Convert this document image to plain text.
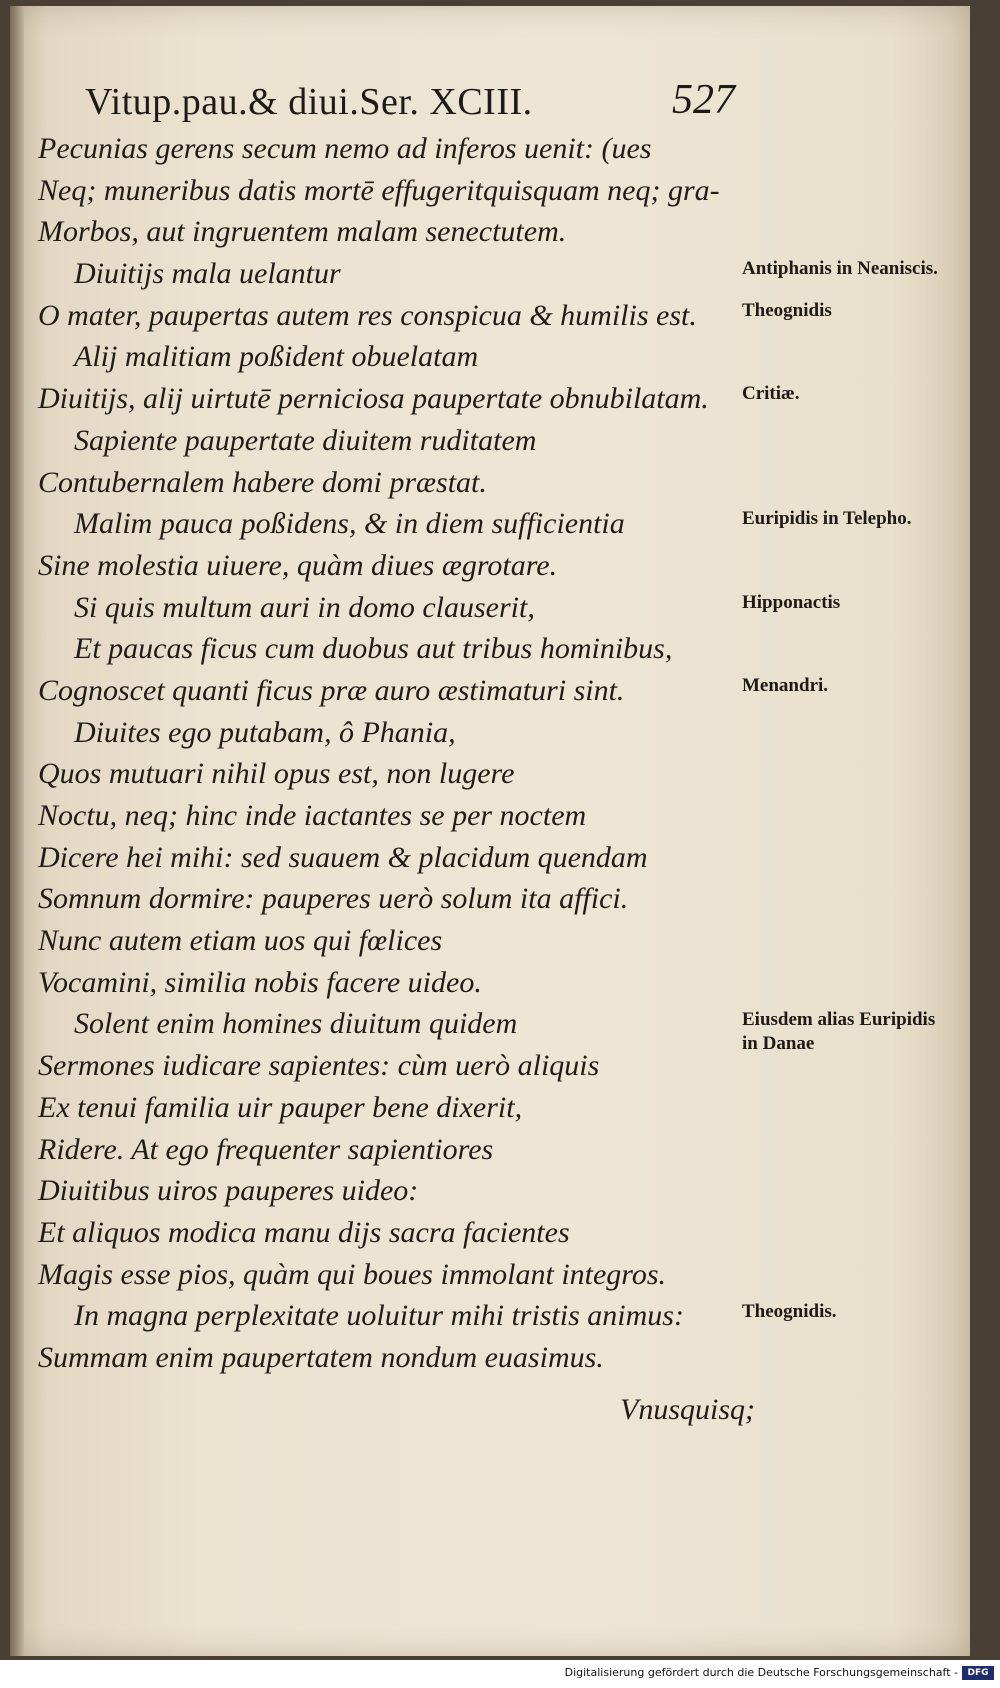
Vitup.pau.& diui.Ser. XCIII.	527
Pecunias gerens secum nemo ad inferos uenit: (ues
Neq; muneribus datis mortē effugeritquisquam neq; gra-
Morbos, aut ingruentem malam senectutem.
Diuitijs mala uelantur
O mater, paupertas autem res conspicua & humilis est.
Alij malitiam poßident obuelatam
Diuitijs, alij uirtutē perniciosa paupertate obnubilatam.
Sapiente paupertate diuitem ruditatem
Contubernalem habere domi præstat.
Malim pauca poßidens, & in diem sufficientia
Sine molestia uiuere, quàm diues ægrotare.
Si quis multum auri in domo clauserit,
Et paucas ficus cum duobus aut tribus hominibus,
Cognoscet quanti ficus præ auro æstimaturi sint.
Diuites ego putabam, ô Phania,
Quos mutuari nihil opus est, non lugere
Noctu, neq; hinc inde iactantes se per noctem
Dicere hei mihi: sed suauem & placidum quendam
Somnum dormire: pauperes uerò solum ita affici.
Nunc autem etiam uos qui fœlices
Vocamini, similia nobis facere uideo.
Solent enim homines diuitum quidem
Sermones iudicare sapientes: cùm uerò aliquis
Ex tenui familia uir pauper bene dixerit,
Ridere. At ego frequenter sapientiores
Diuitibus uiros pauperes uideo:
Et aliquos modica manu dijs sacra facientes
Magis esse pios, quàm qui boues immolant integros.
In magna perplexitate uoluitur mihi tristis animus:
Summam enim paupertatem nondum euasimus.
Antiphanis in Neaniscis.
Theognidis
Critiæ.
Euripidis in Telepho.
Hipponactis
Menandri.
Eiusdem alias Euripidis in Danae
Theognidis.
Vnusquisq;
Digitalisierung gefördert durch die Deutsche Forschungsgemeinschaft -	DFG
